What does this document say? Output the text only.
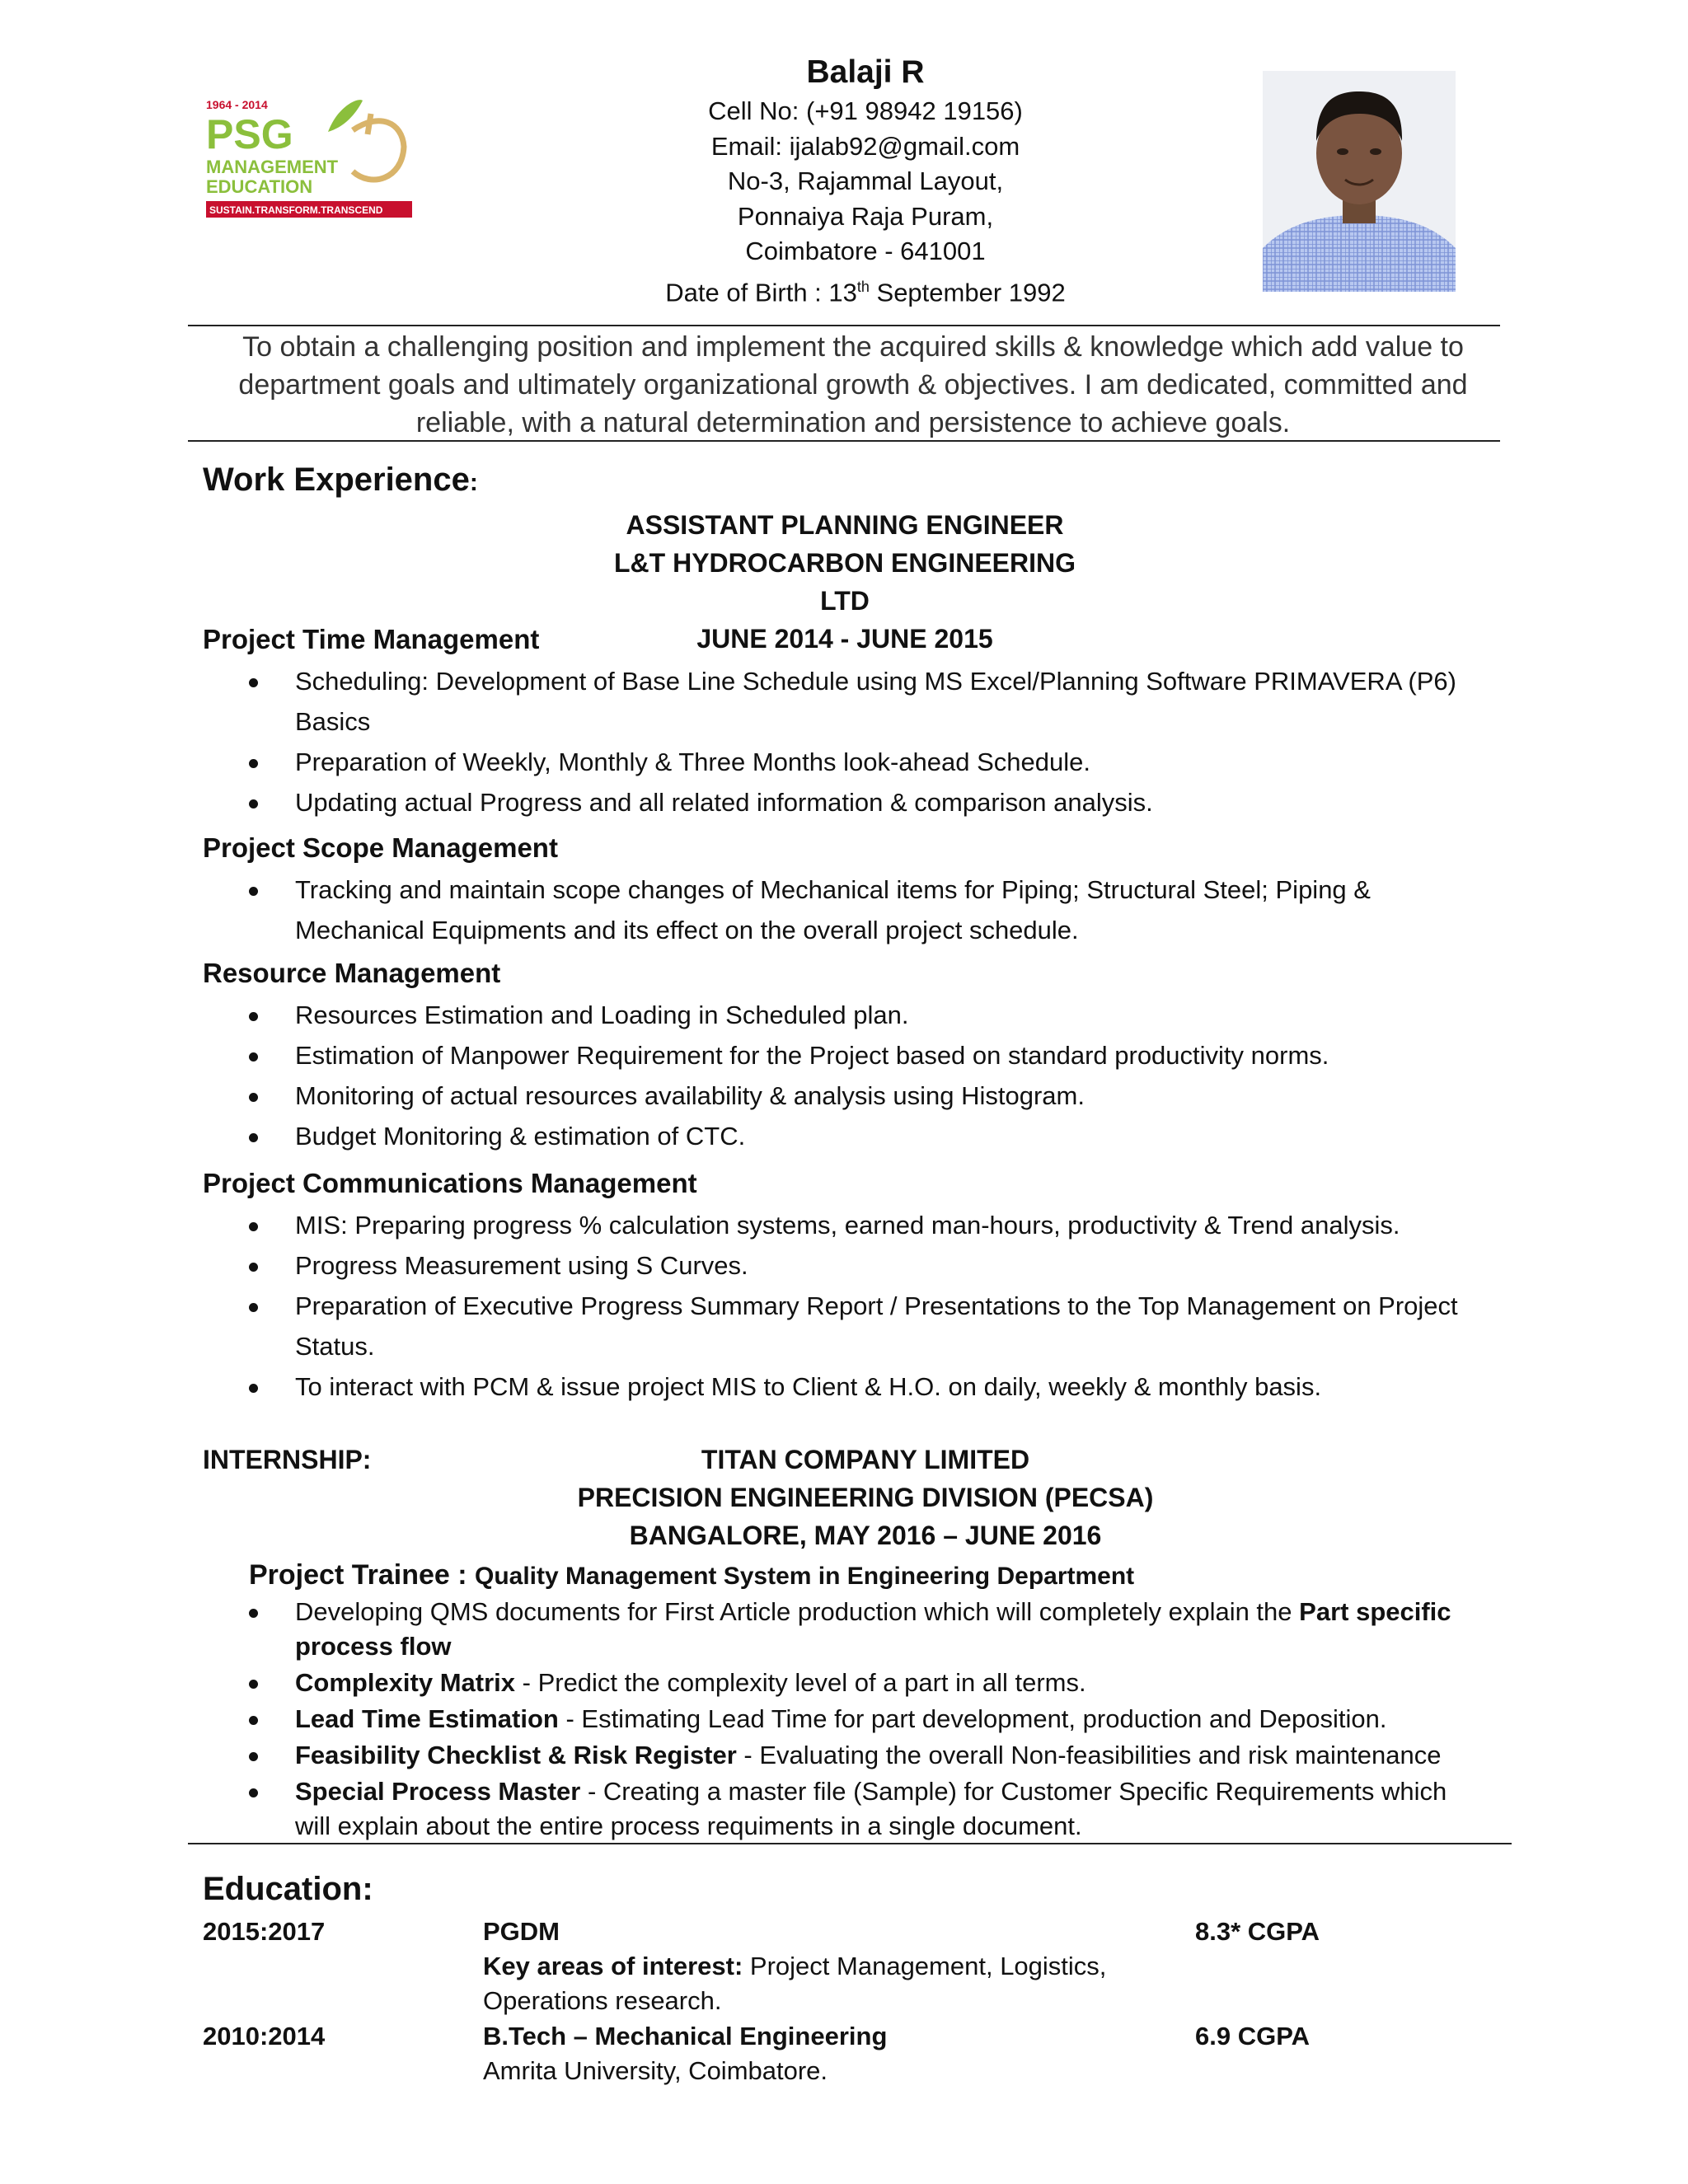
1964 - 2014
PSG
MANAGEMENT
EDUCATION
SUSTAIN.TRANSFORM.TRANSCEND
Balaji R
Cell No: (+91 98942 19156)
Email: ijalab92@gmail.com
No-3, Rajammal Layout,
Ponnaiya Raja Puram,
Coimbatore - 641001
Date of Birth : 13th September 1992
To obtain a challenging position and implement the acquired skills & knowledge which add value to department goals and ultimately organizational growth & objectives. I am dedicated, committed and reliable, with a natural determination and persistence to achieve goals.
Work Experience:
ASSISTANT PLANNING ENGINEER
L&T HYDROCARBON ENGINEERING LTD
JUNE 2014 - JUNE 2015
Project Time Management
Scheduling: Development of Base Line Schedule using MS Excel/Planning Software PRIMAVERA (P6) Basics
Preparation of Weekly, Monthly & Three Months look-ahead Schedule.
Updating actual Progress and all related information & comparison analysis.
Project Scope Management
Tracking and maintain scope changes of Mechanical items for Piping; Structural Steel; Piping & Mechanical Equipments and its effect on the overall project schedule.
Resource Management
Resources Estimation and Loading in Scheduled plan.
Estimation of Manpower Requirement for the Project based on standard productivity norms.
Monitoring of actual resources availability & analysis using Histogram.
Budget Monitoring & estimation of CTC.
Project Communications Management
MIS: Preparing progress % calculation systems, earned man-hours, productivity & Trend analysis.
Progress Measurement using S Curves.
Preparation of Executive Progress Summary Report / Presentations to the Top Management on Project Status.
To interact with PCM & issue project MIS to Client & H.O. on daily, weekly & monthly basis.
INTERNSHIP:	TITAN COMPANY LIMITED
PRECISION ENGINEERING DIVISION (PECSA)
BANGALORE, MAY 2016 – JUNE 2016
Project Trainee : Quality Management System in Engineering Department
Developing QMS documents for First Article production which will completely explain the Part specific process flow
Complexity Matrix - Predict the complexity level of a part in all terms.
Lead Time Estimation - Estimating Lead Time for part development, production and Deposition.
Feasibility Checklist & Risk Register - Evaluating the overall Non-feasibilities and risk maintenance
Special Process Master - Creating a master file (Sample) for Customer Specific Requirements which will explain about the entire process requiments in a single document.
Education:
2015:2017	PGDM
Key areas of interest: Project Management, Logistics, Operations research.
8.3* CGPA
2010:2014	B.Tech – Mechanical Engineering
Amrita University, Coimbatore.
6.9 CGPA
